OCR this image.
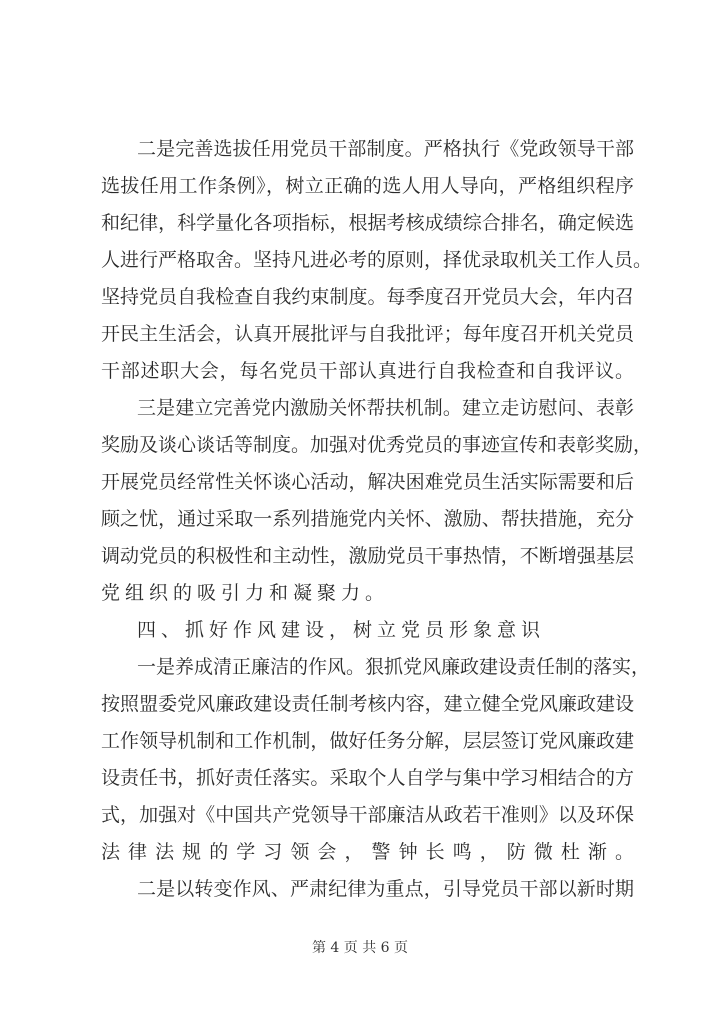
二是完善选拔任用党员干部制度。严格执行《党政领导干部
选拔任用工作条例》，树立正确的选人用人导向，严格组织程序
和纪律，科学量化各项指标，根据考核成绩综合排名，确定候选
人进行严格取舍。坚持凡进必考的原则，择优录取机关工作人员。
坚持党员自我检查自我约束制度。每季度召开党员大会，年内召
开民主生活会，认真开展批评与自我批评；每年度召开机关党员
干部述职大会，每名党员干部认真进行自我检查和自我评议。
三是建立完善党内激励关怀帮扶机制。建立走访慰问、表彰
奖励及谈心谈话等制度。加强对优秀党员的事迹宣传和表彰奖励，
开展党员经常性关怀谈心活动，解决困难党员生活实际需要和后
顾之忧，通过采取一系列措施党内关怀、激励、帮扶措施，充分
调动党员的积极性和主动性，激励党员干事热情，不断增强基层
党组织的吸引力和凝聚力。
四、抓好作风建设，树立党员形象意识
一是养成清正廉洁的作风。狠抓党风廉政建设责任制的落实，
按照盟委党风廉政建设责任制考核内容，建立健全党风廉政建设
工作领导机制和工作机制，做好任务分解，层层签订党风廉政建
设责任书，抓好责任落实。采取个人自学与集中学习相结合的方
式，加强对《中国共产党领导干部廉洁从政若干准则》以及环保
法律法规的学习领会，警钟长鸣，防微杜渐。
二是以转变作风、严肃纪律为重点，引导党员干部以新时期
第 4 页 共 6 页
